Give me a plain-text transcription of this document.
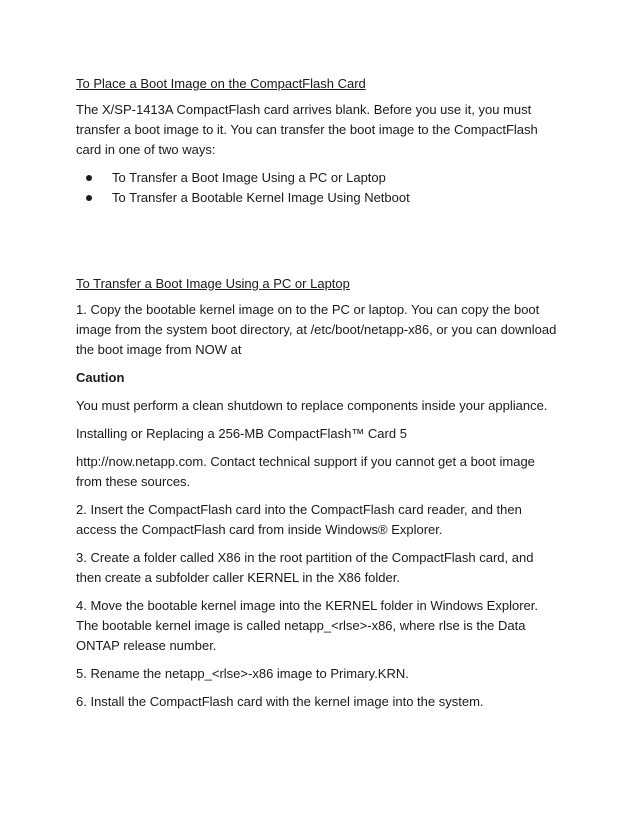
To Place a Boot Image on the CompactFlash Card
The X/SP-1413A CompactFlash card arrives blank. Before you use it, you must transfer a boot image to it. You can transfer the boot image to the CompactFlash card in one of two ways:
To Transfer a Boot Image Using a PC or Laptop
To Transfer a Bootable Kernel Image Using Netboot
To Transfer a Boot Image Using a PC or Laptop
1. Copy the bootable kernel image on to the PC or laptop. You can copy the boot image from the system boot directory, at /etc/boot/netapp-x86, or you can download the boot image from NOW at
Caution
You must perform a clean shutdown to replace components inside your appliance.
Installing or Replacing a 256-MB CompactFlash™ Card 5
http://now.netapp.com. Contact technical support if you cannot get a boot image from these sources.
2. Insert the CompactFlash card into the CompactFlash card reader, and then access the CompactFlash card from inside Windows® Explorer.
3. Create a folder called X86 in the root partition of the CompactFlash card, and then create a subfolder caller KERNEL in the X86 folder.
4. Move the bootable kernel image into the KERNEL folder in Windows Explorer. The bootable kernel image is called netapp_<rlse>-x86, where rlse is the Data ONTAP release number.
5. Rename the netapp_<rlse>-x86 image to Primary.KRN.
6. Install the CompactFlash card with the kernel image into the system.
